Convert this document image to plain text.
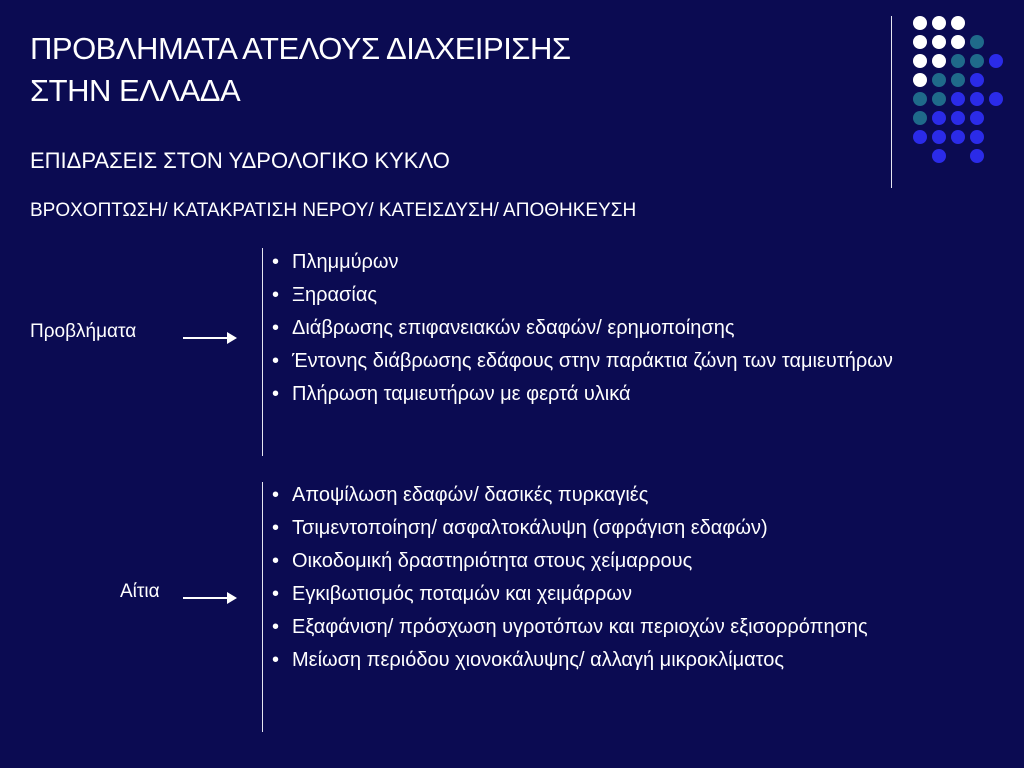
ΠΡΟΒΛΗΜΑΤΑ ΑΤΕΛΟΥΣ ΔΙΑΧΕΙΡΙΣΗΣ
ΣΤΗΝ ΕΛΛΑΔΑ
ΕΠΙΔΡΑΣΕΙΣ ΣΤΟΝ ΥΔΡΟΛΟΓΙΚΟ ΚΥΚΛΟ
ΒΡΟΧΟΠΤΩΣΗ/ ΚΑΤΑΚΡΑΤΙΣΗ ΝΕΡΟΥ/ ΚΑΤΕΙΣΔΥΣΗ/ ΑΠΟΘΗΚΕΥΣΗ
Προβλήματα
• Πλημμύρων
• Ξηρασίας
• Διάβρωσης επιφανειακών εδαφών/ ερημοποίησης
• Έντονης διάβρωσης εδάφους στην παράκτια ζώνη των ταμιευτήρων
• Πλήρωση ταμιευτήρων με φερτά υλικά
Αίτια
• Αποψίλωση εδαφών/ δασικές πυρκαγιές
• Τσιμεντοποίηση/ ασφαλτοκάλυψη (σφράγιση εδαφών)
• Οικοδομική δραστηριότητα στους χείμαρρους
• Εγκιβωτισμός ποταμών και χειμάρρων
• Εξαφάνιση/ πρόσχωση υγροτόπων και περιοχών εξισορρόπησης
• Μείωση περιόδου χιονοκάλυψης/ αλλαγή μικροκλίματος
